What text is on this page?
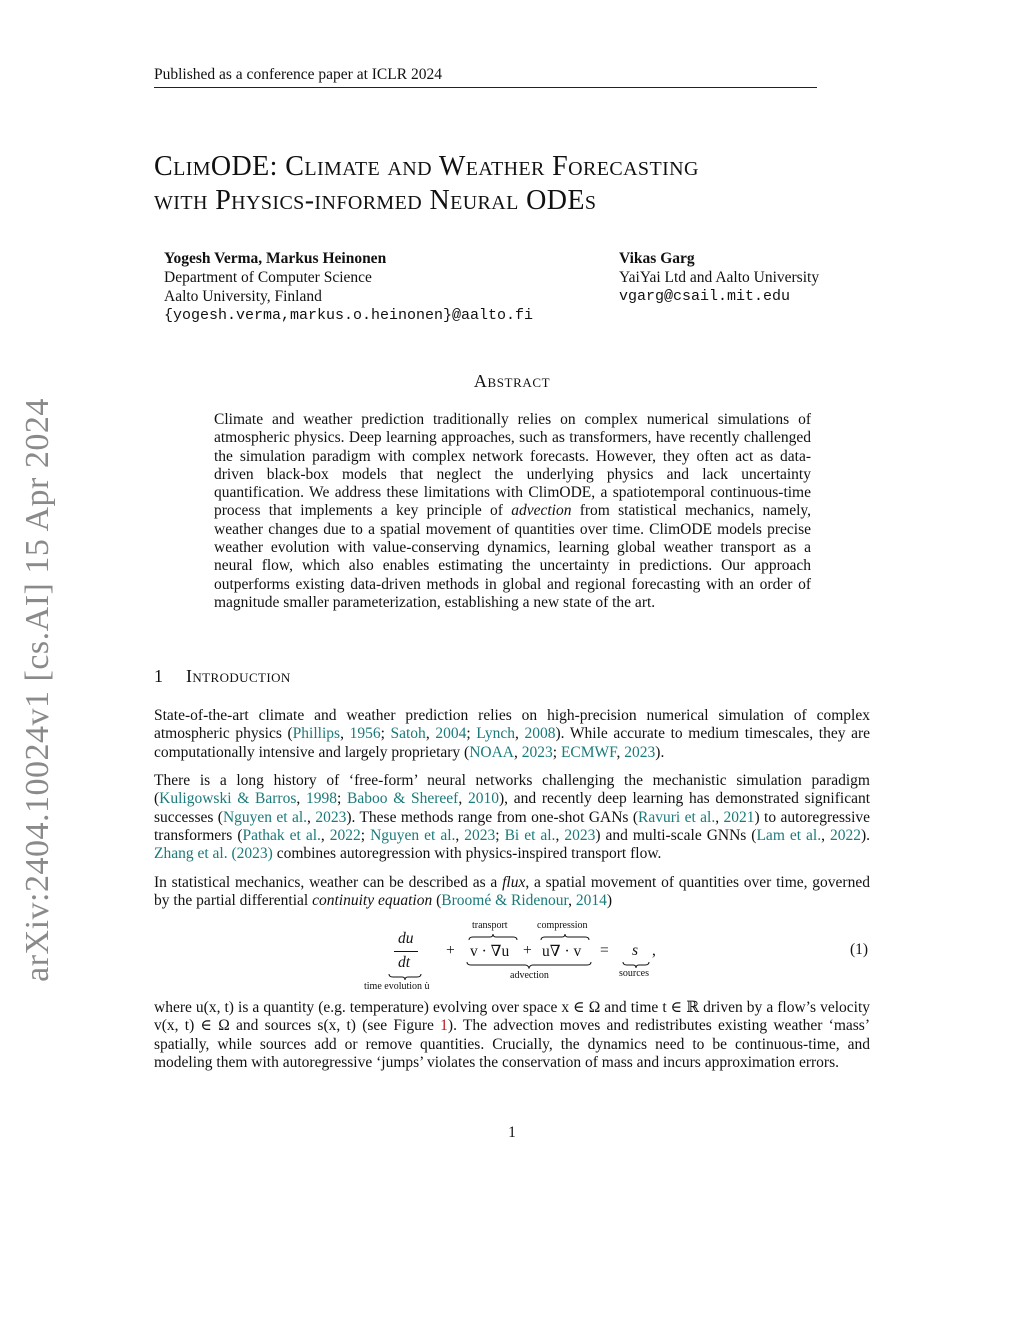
Published as a conference paper at ICLR 2024
arXiv:2404.10024v1 [cs.AI] 15 Apr 2024
ClimODE: Climate and Weather Forecasting
with Physics-informed Neural ODEs
Yogesh Verma, Markus Heinonen
Department of Computer Science
Aalto University, Finland
{yogesh.verma,markus.o.heinonen}@aalto.fi
Vikas Garg
YaiYai Ltd and Aalto University
vgarg@csail.mit.edu
Abstract
Climate and weather prediction traditionally relies on complex numerical simulations of atmospheric physics. Deep learning approaches, such as transformers, have recently challenged the simulation paradigm with complex network forecasts. However, they often act as data-driven black-box models that neglect the underlying physics and lack uncertainty quantification. We address these limitations with ClimODE, a spatiotemporal continuous-time process that implements a key principle of advection from statistical mechanics, namely, weather changes due to a spatial movement of quantities over time. ClimODE models precise weather evolution with value-conserving dynamics, learning global weather transport as a neural flow, which also enables estimating the uncertainty in predictions. Our approach outperforms existing data-driven methods in global and regional forecasting with an order of magnitude smaller parameterization, establishing a new state of the art.
1 Introduction
State-of-the-art climate and weather prediction relies on high-precision numerical simulation of complex atmospheric physics (Phillips, 1956; Satoh, 2004; Lynch, 2008). While accurate to medium timescales, they are computationally intensive and largely proprietary (NOAA, 2023; ECMWF, 2023).
There is a long history of ‘free-form’ neural networks challenging the mechanistic simulation paradigm (Kuligowski & Barros, 1998; Baboo & Shereef, 2010), and recently deep learning has demonstrated significant successes (Nguyen et al., 2023). These methods range from one-shot GANs (Ravuri et al., 2021) to autoregressive transformers (Pathak et al., 2022; Nguyen et al., 2023; Bi et al., 2023) and multi-scale GNNs (Lam et al., 2022). Zhang et al. (2023) combines autoregression with physics-inspired transport flow.
In statistical mechanics, weather can be described as a flux, a spatial movement of quantities over time, governed by the partial differential continuity equation (Broomé & Ridenour, 2014)
du
dt
time evolution u̇
+
transport
v · ∇u +
compression
u∇ · v
advection
= s
sources
,	(1)
where u(x, t) is a quantity (e.g. temperature) evolving over space x ∈ Ω and time t ∈ ℝ driven by a flow’s velocity v(x, t) ∈ Ω and sources s(x, t) (see Figure 1). The advection moves and redistributes existing weather ‘mass’ spatially, while sources add or remove quantities. Crucially, the dynamics need to be continuous-time, and modeling them with autoregressive ‘jumps’ violates the conservation of mass and incurs approximation errors.
1
